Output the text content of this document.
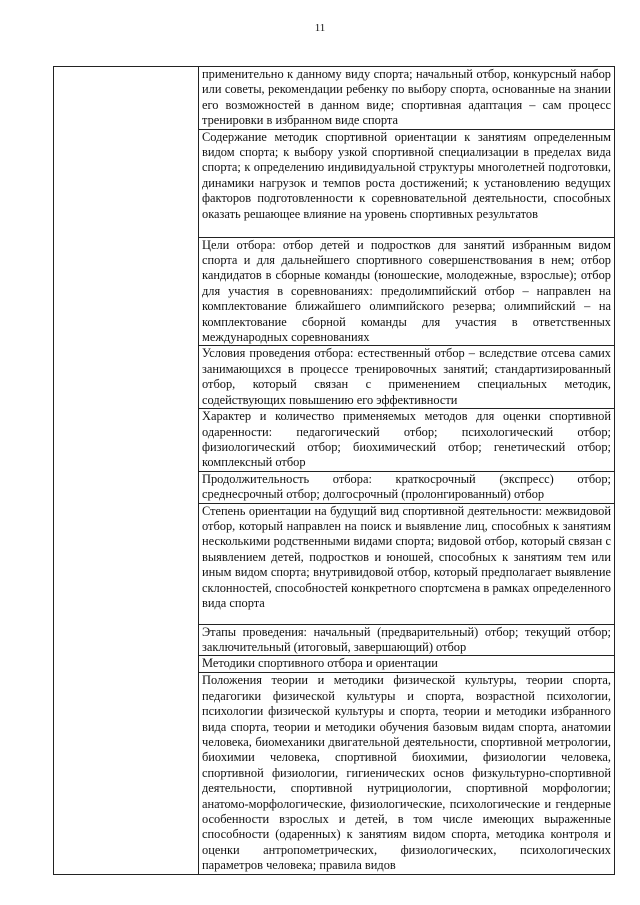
11
	применительно к данному виду спорта; начальный отбор, конкурсный набор или советы, рекомендации ребенку по выбору спорта, основанные на знании его возможностей в данном виде; спортивная адаптация – сам процесс тренировки в избранном виде спорта
Содержание методик спортивной ориентации к занятиям определенным видом спорта; к выбору узкой спортивной специализации в пределах вида спорта; к определению индивидуальной структуры многолетней подготовки, динамики нагрузок и темпов роста достижений; к установлению ведущих факторов подготовленности к соревновательной деятельности, способных оказать решающее влияние на уровень спортивных результатов
Цели отбора: отбор детей и подростков для занятий избранным видом спорта и для дальнейшего спортивного совершенствования в нем; отбор кандидатов в сборные команды (юношеские, молодежные, взрослые); отбор для участия в соревнованиях: предолимпийский отбор – направлен на комплектование ближайшего олимпийского резерва; олимпийский – на комплектование сборной команды для участия в ответственных международных соревнованиях
Условия проведения отбора: естественный отбор – вследствие отсева самих занимающихся в процессе тренировочных занятий; стандартизированный отбор, который связан с применением специальных методик, содействующих повышению его эффективности
Характер и количество применяемых методов для оценки спортивной одаренности: педагогический отбор; психологический отбор; физиологический отбор; биохимический отбор; генетический отбор; комплексный отбор
Продолжительность отбора: краткосрочный (экспресс) отбор; среднесрочный отбор; долгосрочный (пролонгированный) отбор
Степень ориентации на будущий вид спортивной деятельности: межвидовой отбор, который направлен на поиск и выявление лиц, способных к занятиям несколькими родственными видами спорта; видовой отбор, который связан с выявлением детей, подростков и юношей, способных к занятиям тем или иным видом спорта; внутривидовой отбор, который предполагает выявление склонностей, способностей конкретного спортсмена в рамках определенного вида спорта
Этапы проведения: начальный (предварительный) отбор; текущий отбор; заключительный (итоговый, завершающий) отбор
Методики спортивного отбора и ориентации
Положения теории и методики физической культуры, теории спорта, педагогики физической культуры и спорта, возрастной психологии, психологии физической культуры и спорта, теории и методики избранного вида спорта, теории и методики обучения базовым видам спорта, анатомии человека, биомеханики двигательной деятельности, спортивной метрологии, биохимии человека, спортивной биохимии, физиологии человека, спортивной физиологии, гигиенических основ физкультурно-спортивной деятельности, спортивной нутрициологии, спортивной морфологии; анатомо-морфологические, физиологические, психологические и гендерные особенности взрослых и детей, в том числе имеющих выраженные способности (одаренных) к занятиям видом спорта, методика контроля и оценки антропометрических, физиологических, психологических параметров человека; правила видов
